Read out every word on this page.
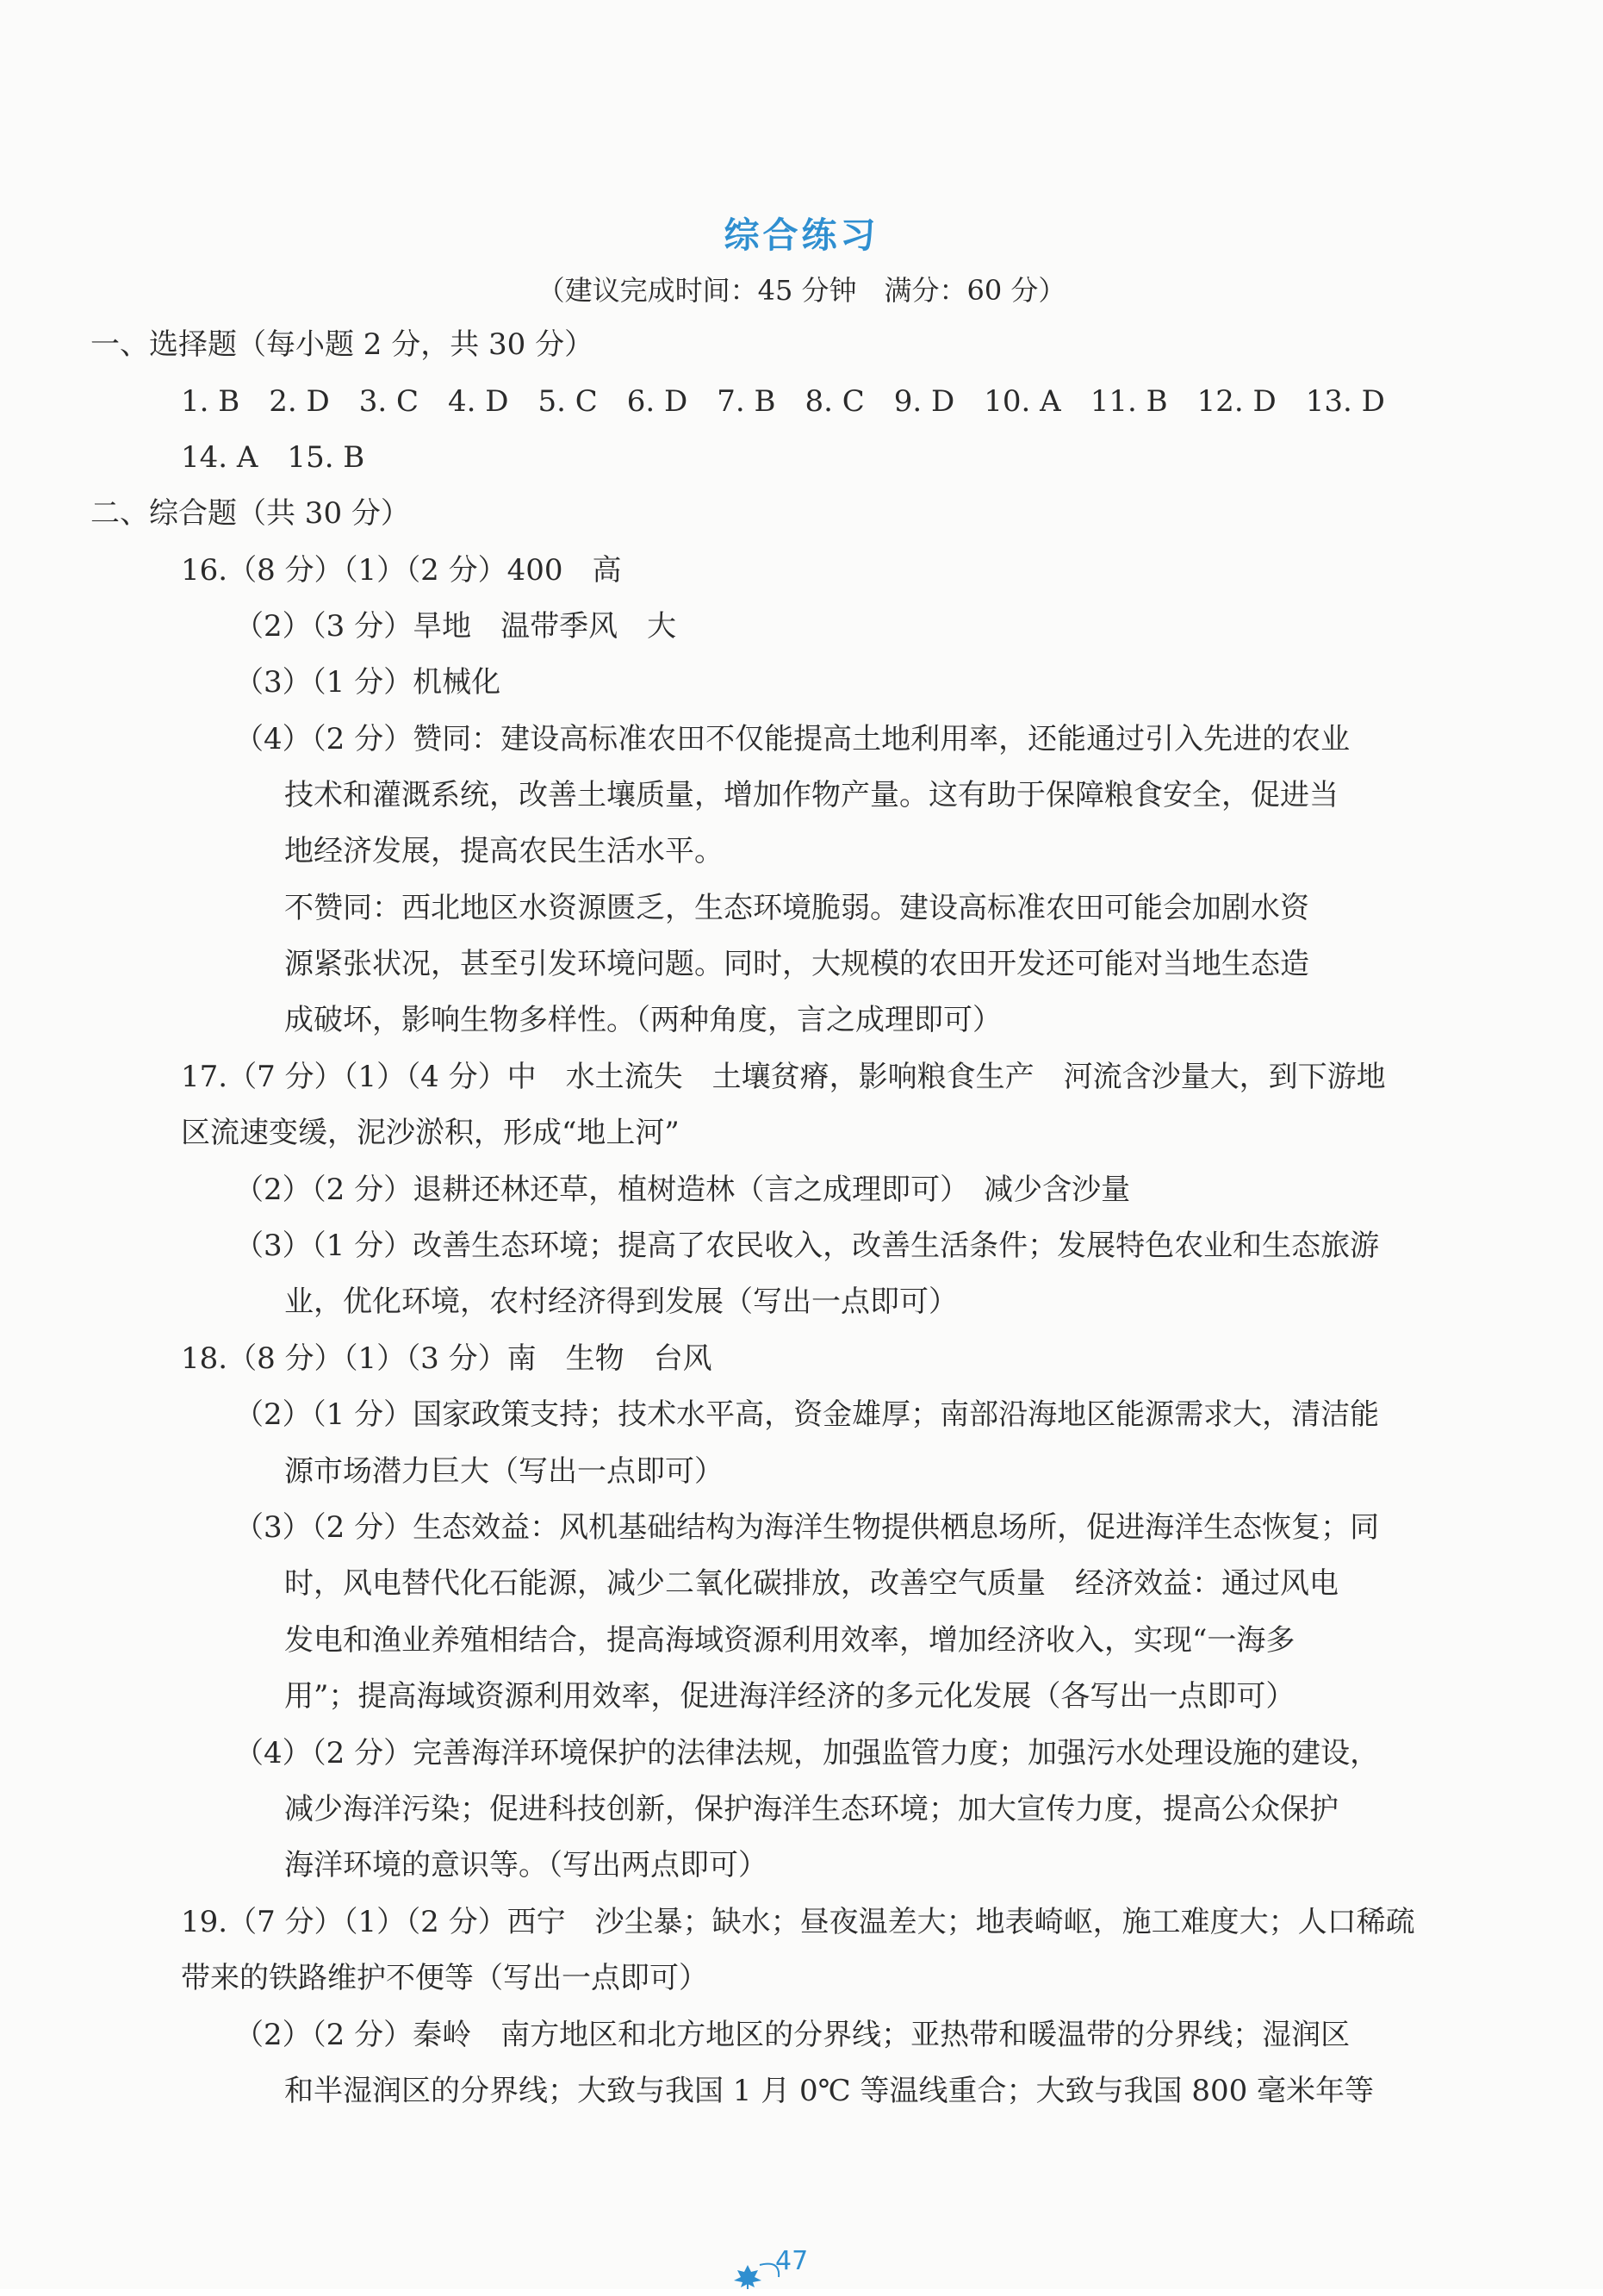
综合练习
（建议完成时间：45 分钟　满分：60 分）
一、选择题（每小题 2 分，共 30 分）
1. B　2. D　3. C　4. D　5. C　6. D　7. B　8. C　9. D　10. A　11. B　12. D　13. D
14. A　15. B
二、综合题（共 30 分）
16.（8 分）（1）（2 分）400　高
（2）（3 分）旱地　温带季风　大
（3）（1 分）机械化
（4）（2 分）赞同：建设高标准农田不仅能提高土地利用率，还能通过引入先进的农业
技术和灌溉系统，改善土壤质量，增加作物产量。这有助于保障粮食安全，促进当
地经济发展，提高农民生活水平。
不赞同：西北地区水资源匮乏，生态环境脆弱。建设高标准农田可能会加剧水资
源紧张状况，甚至引发环境问题。同时，大规模的农田开发还可能对当地生态造
成破坏，影响生物多样性。（两种角度，言之成理即可）
17.（7 分）（1）（4 分）中　水土流失　土壤贫瘠，影响粮食生产　河流含沙量大，到下游地
区流速变缓，泥沙淤积，形成“地上河”
（2）（2 分）退耕还林还草，植树造林（言之成理即可）　减少含沙量
（3）（1 分）改善生态环境；提高了农民收入，改善生活条件；发展特色农业和生态旅游
业，优化环境，农村经济得到发展（写出一点即可）
18.（8 分）（1）（3 分）南　生物　台风
（2）（1 分）国家政策支持；技术水平高，资金雄厚；南部沿海地区能源需求大，清洁能
源市场潜力巨大（写出一点即可）
（3）（2 分）生态效益：风机基础结构为海洋生物提供栖息场所，促进海洋生态恢复；同
时，风电替代化石能源，减少二氧化碳排放，改善空气质量　经济效益：通过风电
发电和渔业养殖相结合，提高海域资源利用效率，增加经济收入，实现“一海多
用”；提高海域资源利用效率，促进海洋经济的多元化发展（各写出一点即可）
（4）（2 分）完善海洋环境保护的法律法规，加强监管力度；加强污水处理设施的建设，
减少海洋污染；促进科技创新，保护海洋生态环境；加大宣传力度，提高公众保护
海洋环境的意识等。（写出两点即可）
19.（7 分）（1）（2 分）西宁　沙尘暴；缺水；昼夜温差大；地表崎岖，施工难度大；人口稀疏
带来的铁路维护不便等（写出一点即可）
（2）（2 分）秦岭　南方地区和北方地区的分界线；亚热带和暖温带的分界线；湿润区
和半湿润区的分界线；大致与我国 1 月 0℃ 等温线重合；大致与我国 800 毫米年等
47
